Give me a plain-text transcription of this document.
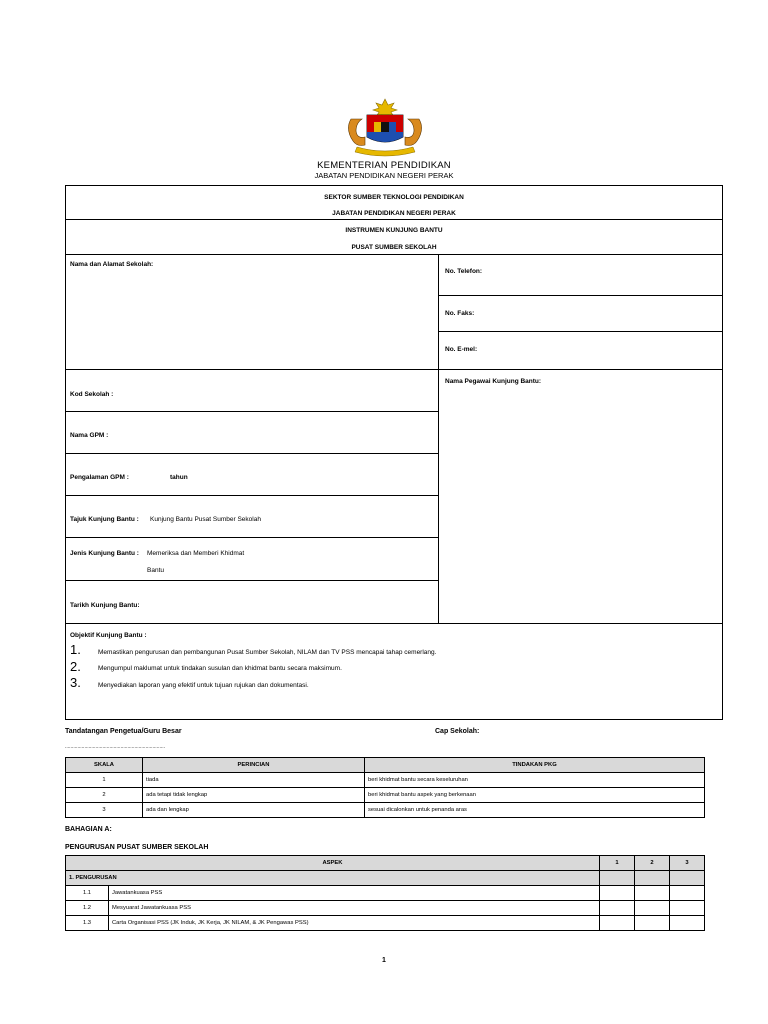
KEMENTERIAN PENDIDIKAN
JABATAN PENDIDIKAN NEGERI PERAK
SEKTOR SUMBER TEKNOLOGI PENDIDIKAN
JABATAN PENDIDIKAN NEGERI PERAK
INSTRUMEN KUNJUNG BANTU
PUSAT SUMBER SEKOLAH
Nama dan Alamat Sekolah:
No. Telefon:
No. Faks:
No. E-mel:
Nama Pegawai Kunjung Bantu:
Kod Sekolah :
Nama GPM :
Pengalaman GPM :	tahun
Tajuk Kunjung Bantu : Kunjung Bantu Pusat Sumber Sekolah
Jenis Kunjung Bantu : Memeriksa dan Memberi Khidmat
Bantu
Tarikh Kunjung Bantu:
Objektif Kunjung Bantu :
1.	Memastikan pengurusan dan pembangunan Pusat Sumber Sekolah, NILAM dan TV PSS mencapai tahap cemerlang.
2.	Mengumpul maklumat untuk tindakan susulan dan khidmat bantu secara maksimum.
3.	Menyediakan laporan yang efektif untuk tujuan rujukan dan dokumentasi.
Tandatangan Pengetua/Guru Besar	Cap Sekolah:
........................................................................
SKALA	PERINCIAN	TINDAKAN PKG
1	tiada	beri khidmat bantu secara keseluruhan
2	ada tetapi tidak lengkap	beri khidmat bantu aspek yang berkenaan
3	ada dan lengkap	sesuai dicalonkan untuk penanda aras
BAHAGIAN A:
PENGURUSAN PUSAT SUMBER SEKOLAH
ASPEK		1	2	3
1. PENGURUSAN				
1.1	Jawatankuasa PSS			
1.2	Mesyuarat Jawatankuasa PSS			
1.3	Carta Organisasi PSS (JK Induk, JK Kerja, JK NILAM, & JK Pengawas PSS)			
1
